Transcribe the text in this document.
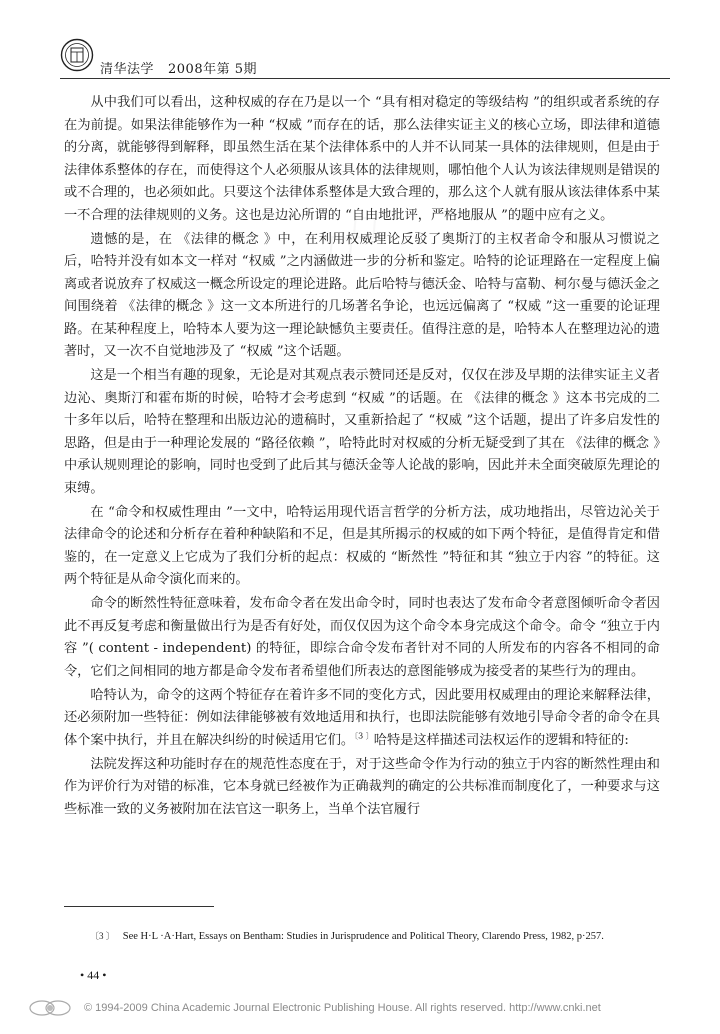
清华法学 2008年第 5期
◇◇◇

从中我们可以看出，这种权威的存在乃是以一个 “具有相对稳定的等级结构 ”的组织或者系统的存在为前提。如果法律能够作为一种 “权威 ”而存在的话，那么法律实证主义的核心立场，即法律和道德的分离，就能够得到解释，即虽然生活在某个法律体系中的人并不认同某一具体的法律规则，但是由于法律体系整体的存在，而使得这个人必须服从该具体的法律规则，哪怕他个人认为该法律规则是错误的或不合理的，也必须如此。只要这个法律体系整体是大致合理的，那么这个人就有服从该法律体系中某一不合理的法律规则的义务。这也是边沁所谓的 “自由地批评，严格地服从 ”的题中应有之义。

遗憾的是，在 《法律的概念 》中，在利用权威理论反驳了奥斯汀的主权者命令和服从习惯说之后，哈特并没有如本文一样对 “权威 ”之内涵做进一步的分析和鉴定。哈特的论证理路在一定程度上偏离或者说放弃了权威这一概念所设定的理论进路。此后哈特与德沃金、哈特与富勒、柯尔曼与德沃金之间围绕着 《法律的概念 》这一文本所进行的几场著名争论，也远远偏离了 “权威 ”这一重要的论证理路。在某种程度上，哈特本人要为这一理论缺憾负主要责任。值得注意的是，哈特本人在整理边沁的遗著时，又一次不自觉地涉及了 “权威 ”这个话题。

这是一个相当有趣的现象，无论是对其观点表示赞同还是反对，仅仅在涉及早期的法律实证主义者边沁、奥斯汀和霍布斯的时候，哈特才会考虑到 “权威 ”的话题。在 《法律的概念 》这本书完成的二十多年以后，哈特在整理和出版边沁的遗稿时，又重新拾起了 “权威 ”这个话题，提出了许多启发性的思路，但是由于一种理论发展的 “路径依赖 ”，哈特此时对权威的分析无疑受到了其在 《法律的概念 》中承认规则理论的影响，同时也受到了此后其与德沃金等人论战的影响，因此并未全面突破原先理论的束缚。

在 “命令和权威性理由 ”一文中，哈特运用现代语言哲学的分析方法，成功地指出，尽管边沁关于法律命令的论述和分析存在着种种缺陷和不足，但是其所揭示的权威的如下两个特征，是值得肯定和借鉴的，在一定意义上它成为了我们分析的起点：权威的 “断然性 ”特征和其 “独立于内容 ”的特征。这两个特征是从命令演化而来的。

命令的断然性特征意味着，发布命令者在发出命令时，同时也表达了发布命令者意图倾听命令者因此不再反复考虑和衡量做出行为是否有好处，而仅仅因为这个命令本身完成这个命令。命令 “独立于内容 ”( content - independent) 的特征，即综合命令发布者针对不同的人所发布的内容各不相同的命令，它们之间相同的地方都是命令发布者希望他们所表达的意图能够成为接受者的某些行为的理由。

哈特认为，命令的这两个特征存在着许多不同的变化方式，因此要用权威理由的理论来解释法律，还必须附加一些特征：例如法律能够被有效地适用和执行，也即法院能够有效地引导命令者的命令在具体个案中执行，并且在解决纠纷的时候适用它们。$^{〔3 〕}$哈特是这样描述司法权运作的逻辑和特征的:

法院发挥这种功能时存在的规范性态度在于，对于这些命令作为行动的独立于内容的断然性理由和作为评价行为对错的标准，它本身就已经被作为正确裁判的确定的公共标准而制度化了，一种要求与这些标准一致的义务被附加在法官这一职务上，当单个法官履行

〔3 〕 See H·L ·A·Hart, Essays on Bentham: Studies in Jurisprudence and Political Theory, Clarendo Press, 1982, p·257.
• 44 •
© 1994-2009 China Academic Journal Electronic Publishing House. All rights reserved. http://www.cnki.net
